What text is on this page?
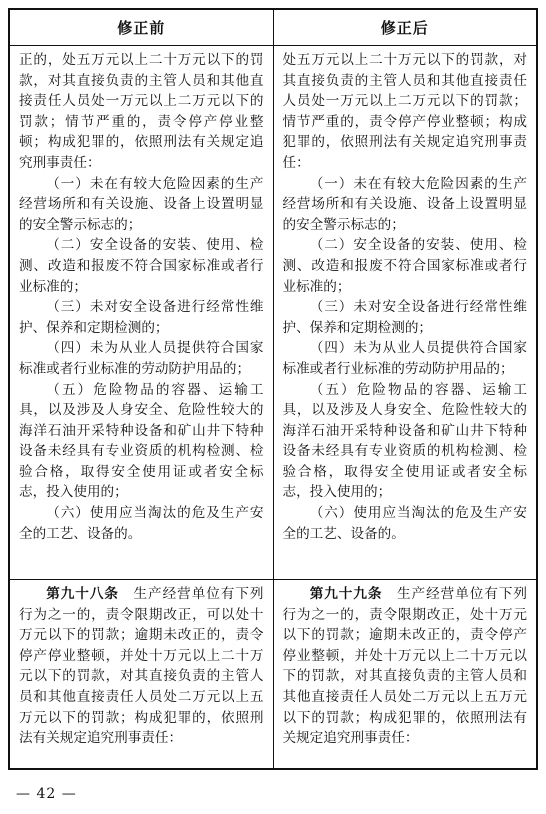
修正前	修正后

正的，处五万元以上二十万元以下的罚款，对其直接负责的主管人员和其他直接责任人员处一万元以上二万元以下的罚款；情节严重的，责令停产停业整顿；构成犯罪的，依照刑法有关规定追究刑事责任：

（一）未在有较大危险因素的生产经营场所和有关设施、设备上设置明显的安全警示标志的；

（二）安全设备的安装、使用、检测、改造和报废不符合国家标准或者行业标准的；

（三）未对安全设备进行经常性维护、保养和定期检测的；

（四）未为从业人员提供符合国家标准或者行业标准的劳动防护用品的；

（五）危险物品的容器、运输工具，以及涉及人身安全、危险性较大的海洋石油开采特种设备和矿山井下特种设备未经具有专业资质的机构检测、检验合格，取得安全使用证或者安全标志，投入使用的；

（六）使用应当淘汰的危及生产安全的工艺、设备的。

处五万元以上二十万元以下的罚款，对其直接负责的主管人员和其他直接责任人员处一万元以上二万元以下的罚款；情节严重的，责令停产停业整顿；构成犯罪的，依照刑法有关规定追究刑事责任：

（一）未在有较大危险因素的生产经营场所和有关设施、设备上设置明显的安全警示标志的；

（二）安全设备的安装、使用、检测、改造和报废不符合国家标准或者行业标准的；

（三）未对安全设备进行经常性维护、保养和定期检测的；

（四）未为从业人员提供符合国家标准或者行业标准的劳动防护用品的；

（五）危险物品的容器、运输工具，以及涉及人身安全、危险性较大的海洋石油开采特种设备和矿山井下特种设备未经具有专业资质的机构检测、检验合格，取得安全使用证或者安全标志，投入使用的；

（六）使用应当淘汰的危及生产安全的工艺、设备的。

第九十八条　生产经营单位有下列行为之一的，责令限期改正，可以处十万元以下的罚款；逾期未改正的，责令停产停业整顿，并处十万元以上二十万元以下的罚款，对其直接负责的主管人员和其他直接责任人员处二万元以上五万元以下的罚款；构成犯罪的，依照刑法有关规定追究刑事责任：

第九十九条　生产经营单位有下列行为之一的，责令限期改正，处十万元以下的罚款；逾期未改正的，责令停产停业整顿，并处十万元以上二十万元以下的罚款，对其直接负责的主管人员和其他直接责任人员处二万元以上五万元以下的罚款；构成犯罪的，依照刑法有关规定追究刑事责任：

— 42 —
